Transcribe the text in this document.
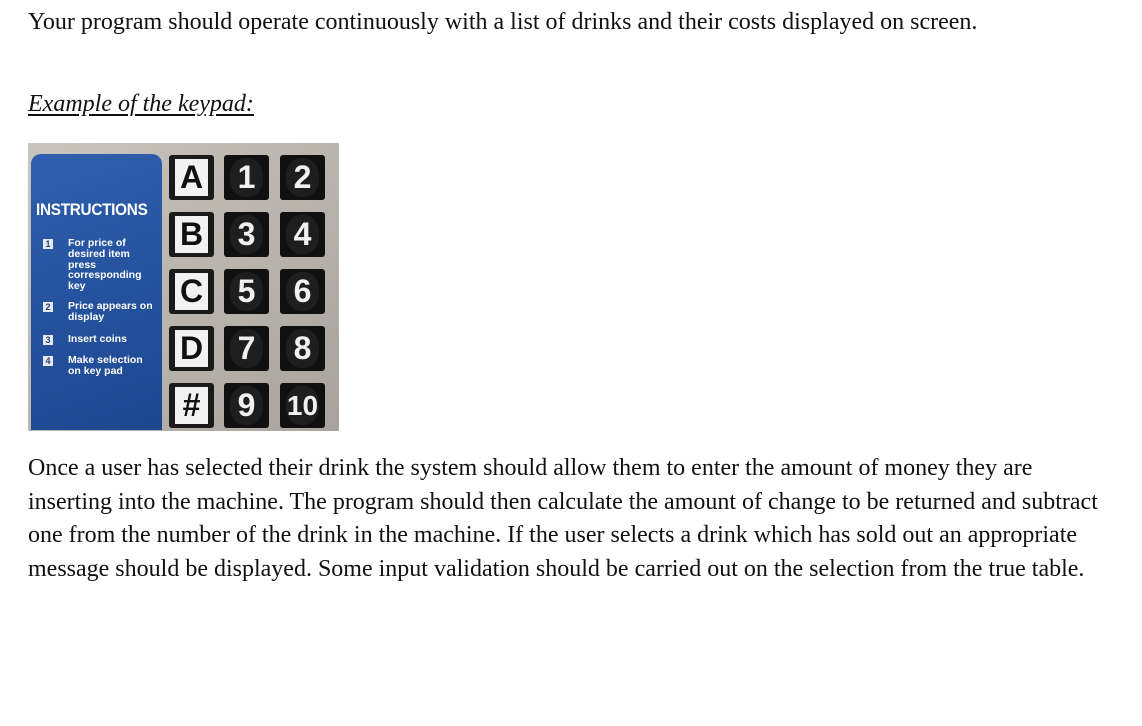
Your program should operate continuously with a list of drinks and their costs displayed on screen.

Example of the keypad:
INSTRUCTIONS
1 For price of desired item press corresponding key
2 Price appears on display
3 Insert coins
4 Make selection on key pad
A 1 2
B 3 4
C 5 6
D 7 8
# 9 10

Once a user has selected their drink the system should allow them to enter the amount of money they are inserting into the machine. The program should then calculate the amount of change to be returned and subtract one from the number of the drink in the machine. If the user selects a drink which has sold out an appropriate message should be displayed. Some input validation should be carried out on the selection from the true table.
